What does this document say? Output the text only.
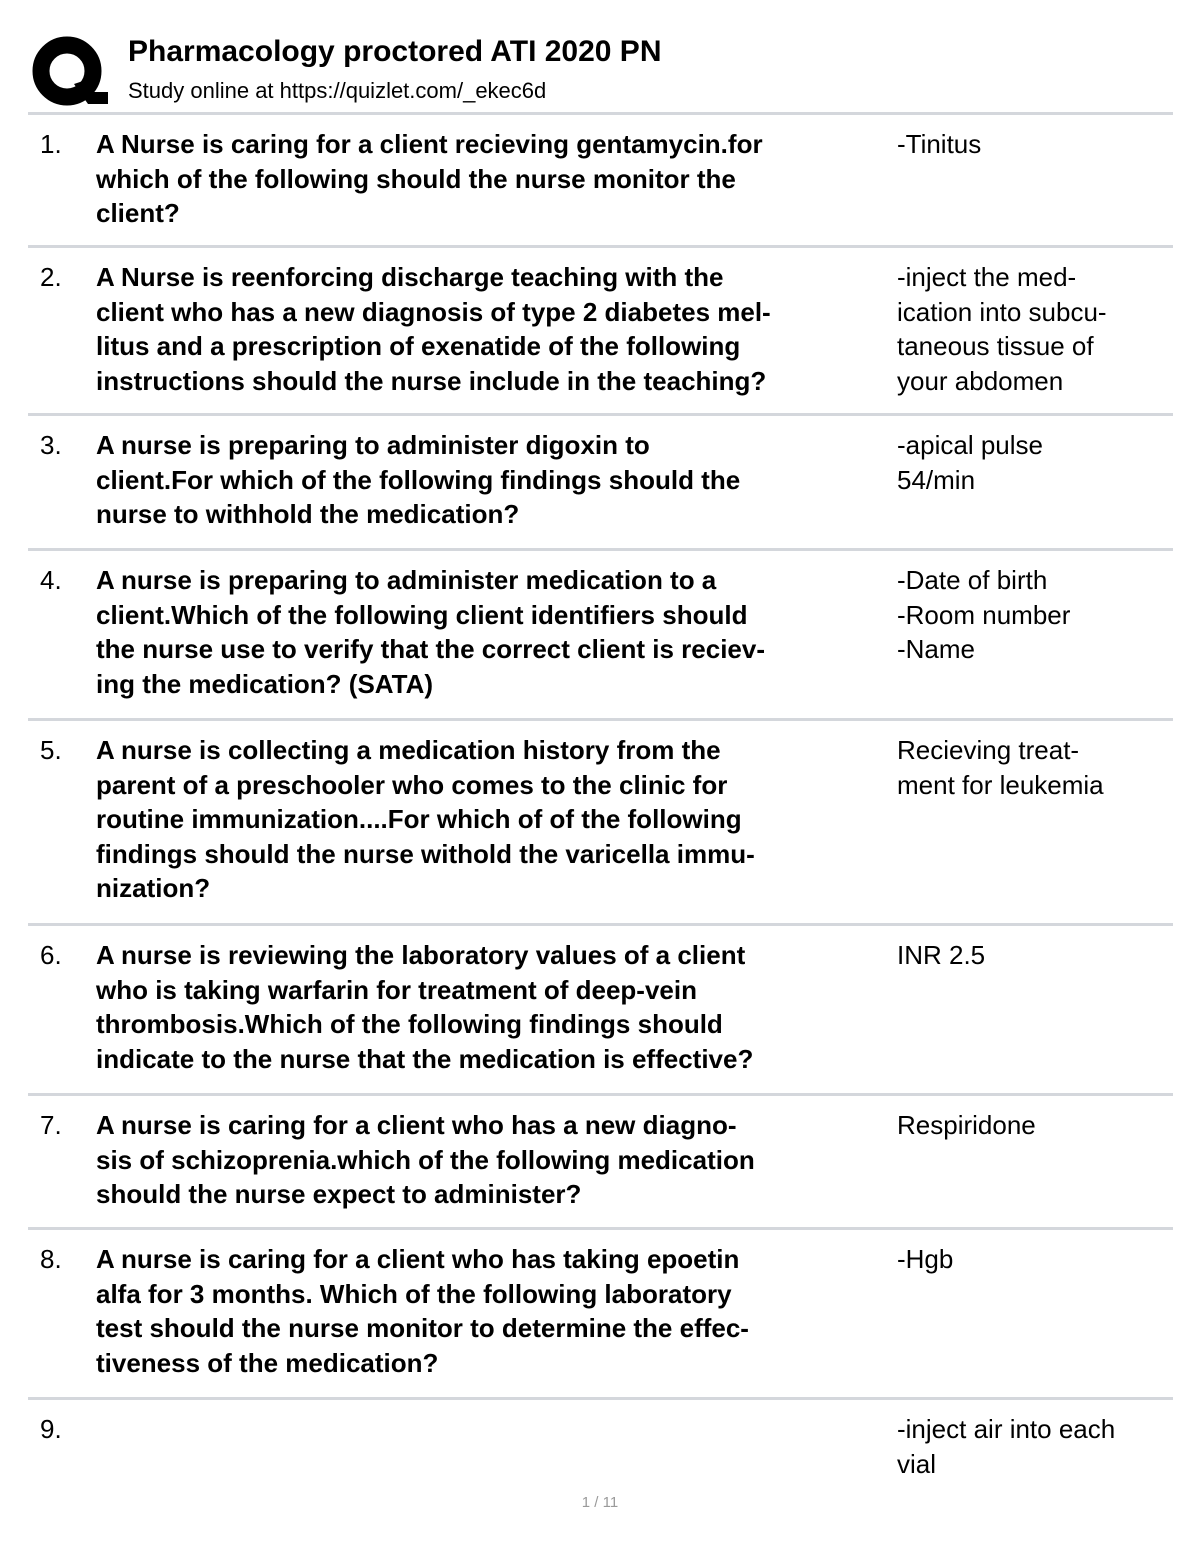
Pharmacology proctored ATI 2020 PN
Study online at https://quizlet.com/_ekec6d
1. A Nurse is caring for a client recieving gentamycin.for
which of the following should the nurse monitor the
client?
-Tinitus
2. A Nurse is reenforcing discharge teaching with the
client who has a new diagnosis of type 2 diabetes mel-
litus and a prescription of exenatide of the following
instructions should the nurse include in the teaching?
-inject the med-
ication into subcu-
taneous tissue of
your abdomen
3. A nurse is preparing to administer digoxin to
client.For which of the following findings should the
nurse to withhold the medication?
-apical pulse
54/min
4. A nurse is preparing to administer medication to a
client.Which of the following client identifiers should
the nurse use to verify that the correct client is reciev-
ing the medication? (SATA)
-Date of birth
-Room number
-Name
5. A nurse is collecting a medication history from the
parent of a preschooler who comes to the clinic for
routine immunization....For which of of the following
findings should the nurse withold the varicella immu-
nization?
Recieving treat-
ment for leukemia
6. A nurse is reviewing the laboratory values of a client
who is taking warfarin for treatment of deep-vein
thrombosis.Which of the following findings should
indicate to the nurse that the medication is effective?
INR 2.5
7. A nurse is caring for a client who has a new diagno-
sis of schizoprenia.which of the following medication
should the nurse expect to administer?
Respiridone
8. A nurse is caring for a client who has taking epoetin
alfa for 3 months. Which of the following laboratory
test should the nurse monitor to determine the effec-
tiveness of the medication?
-Hgb
9.	-inject air into each
vial
1 / 11
